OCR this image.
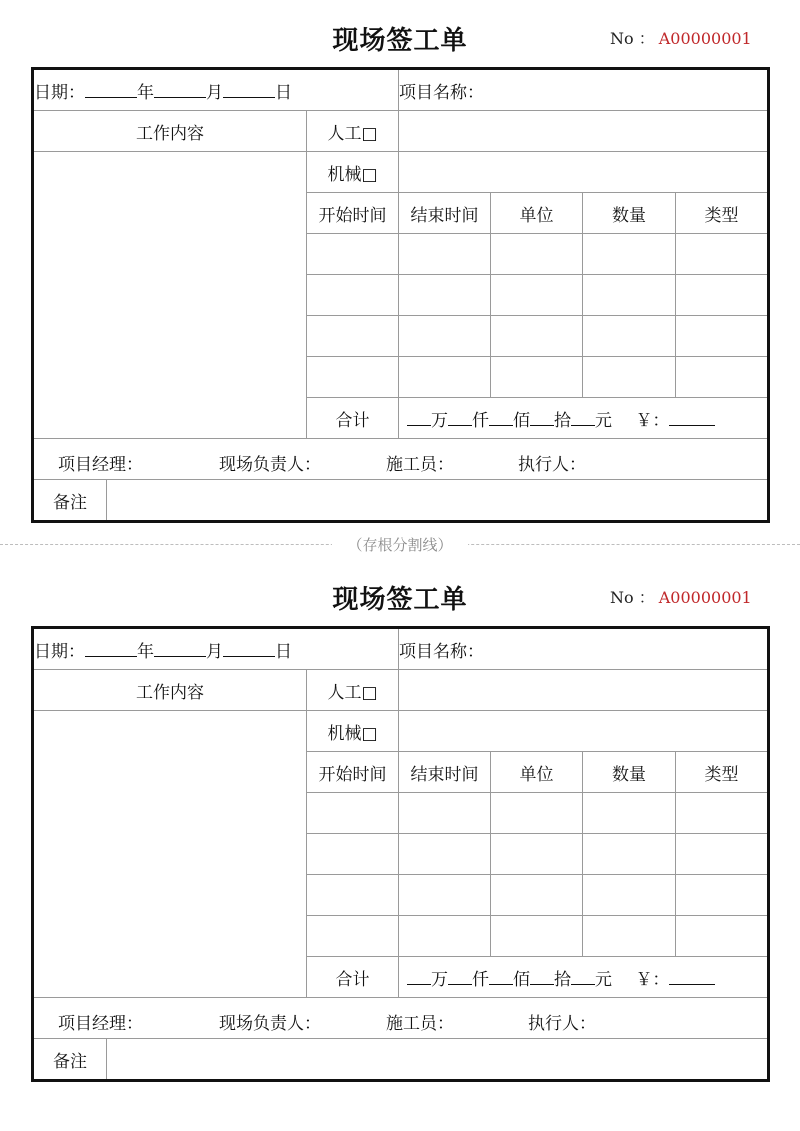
现场签工单	No ： A00000001
日期： 年 月 日			项目名称：			
工作内容		人工□				
		机械□				
		开始时间	结束时间	单位	数量	类型

		合计	万 仟 佰 拾 元 ￥：			

项目经理： 现场负责人： 施工员： 执行人：						

备注						
（存根分割线）
现场签工单	No ： A00000001
日期： 年 月 日			项目名称：			
工作内容		人工□				
		机械□				
		开始时间	结束时间	单位	数量	类型

		合计	万 仟 佰 拾 元 ￥：			

项目经理： 现场负责人： 施工员： 执行人：						

备注						
